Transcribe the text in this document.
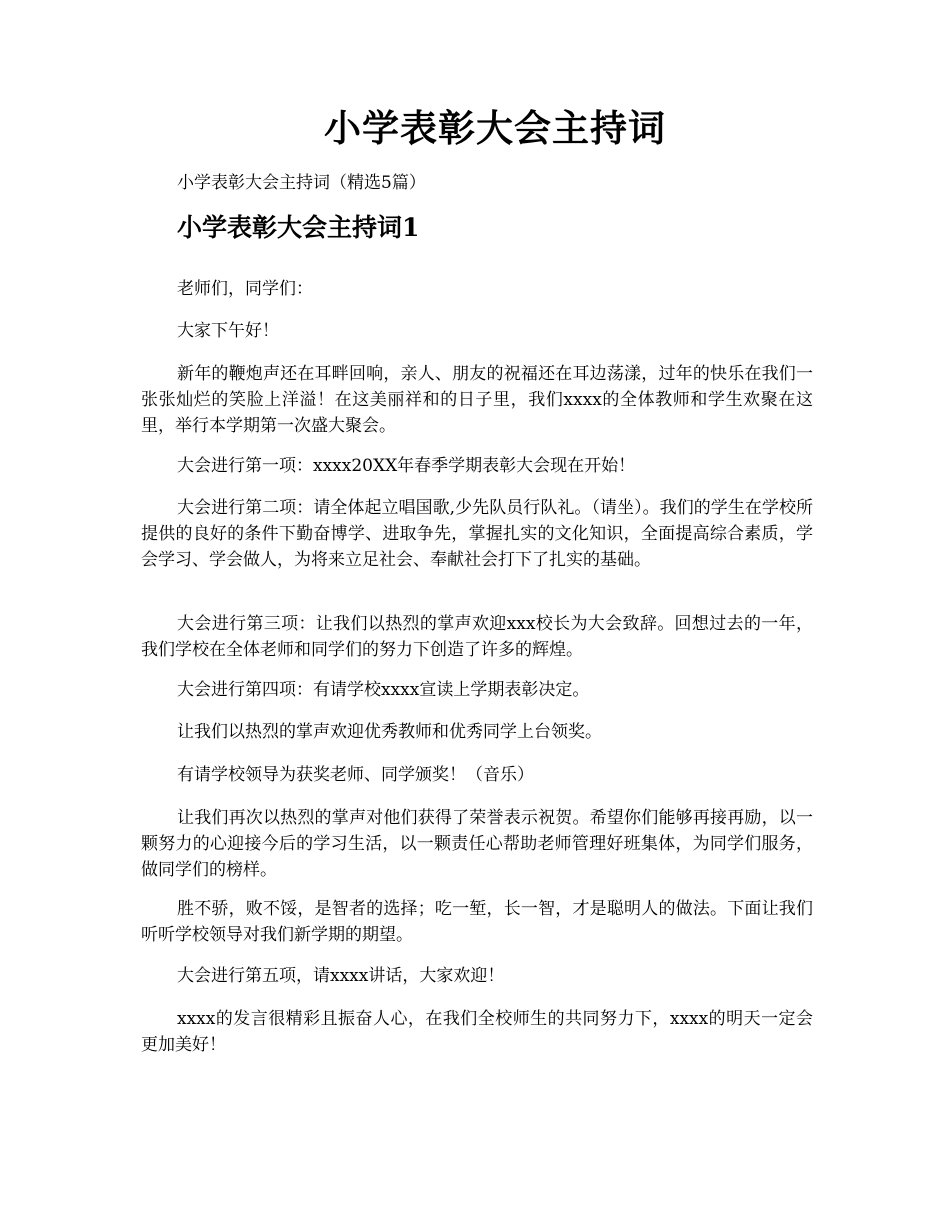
小学表彰大会主持词

小学表彰大会主持词（精选5篇）

小学表彰大会主持词1

老师们，同学们：

大家下午好！

新年的鞭炮声还在耳畔回响，亲人、朋友的祝福还在耳边荡漾，过年的快乐在我们一张张灿烂的笑脸上洋溢！在这美丽祥和的日子里，我们xxxx的全体教师和学生欢聚在这里，举行本学期第一次盛大聚会。

大会进行第一项：xxxx20XX年春季学期表彰大会现在开始！

大会进行第二项：请全体起立唱国歌,少先队员行队礼。（请坐）。我们的学生在学校所提供的良好的条件下勤奋博学、进取争先，掌握扎实的文化知识，全面提高综合素质，学会学习、学会做人，为将来立足社会、奉献社会打下了扎实的基础。

大会进行第三项：让我们以热烈的掌声欢迎xxx校长为大会致辞。回想过去的一年，我们学校在全体老师和同学们的努力下创造了许多的辉煌。

大会进行第四项：有请学校xxxx宣读上学期表彰决定。

让我们以热烈的掌声欢迎优秀教师和优秀同学上台领奖。

有请学校领导为获奖老师、同学颁奖！（音乐）

让我们再次以热烈的掌声对他们获得了荣誉表示祝贺。希望你们能够再接再励，以一颗努力的心迎接今后的学习生活，以一颗责任心帮助老师管理好班集体，为同学们服务，做同学们的榜样。

胜不骄，败不馁，是智者的选择；吃一堑，长一智，才是聪明人的做法。下面让我们听听学校领导对我们新学期的期望。

大会进行第五项，请xxxx讲话，大家欢迎！

xxxx的发言很精彩且振奋人心，在我们全校师生的共同努力下，xxxx的明天一定会更加美好！
